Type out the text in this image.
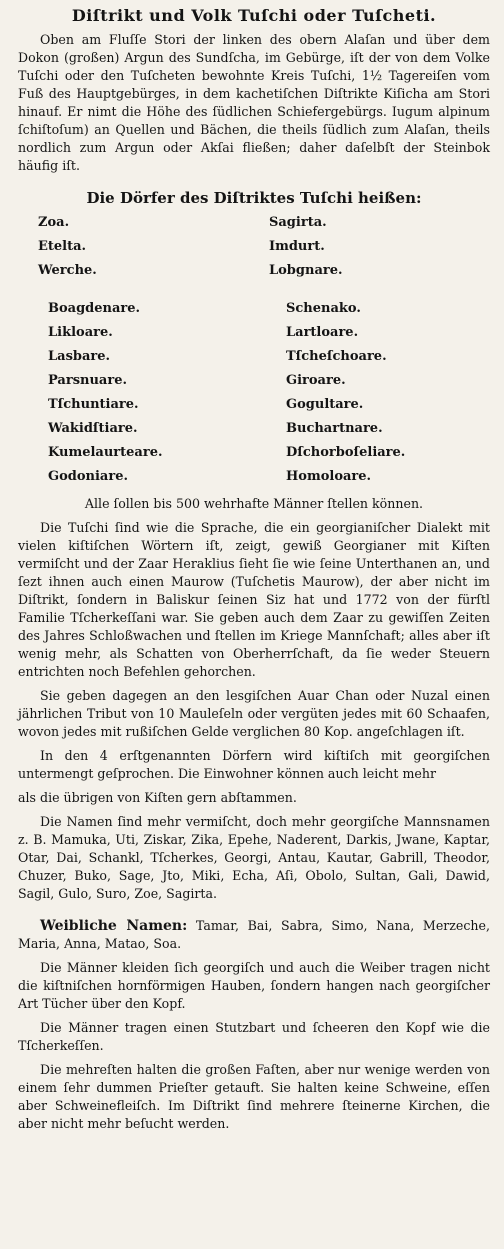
Diſtrikt und Volk Tuſchi oder Tuſcheti.

Oben am Fluſſe Stori der linken des obern Alaſan und über dem Dokon (großen) Argun des Sundſcha, im Gebürge, iſt der von dem Volke Tuſchi oder den Tuſcheten bewohnte Kreis Tuſchi, 1½ Tagereiſen vom Fuß des Hauptgebürges, in dem kachetiſchen Diſtrikte Kiſicha am Stori hinauf. Er nimt die Höhe des ſüdlichen Schiefergebürgs. Iugum alpinum ſchiſtoſum) an Quellen und Bächen, die theils ſüdlich zum Alaſan, theils nordlich zum Argun oder Akſai fließen; daher daſelbſt der Steinbok häufig iſt.

Die Dörfer des Diſtriktes Tuſchi heißen:
Zoa.	Sagirta.
Etelta.	Imdurt.
Werche.	Lobgnare.
Boagdenare.	Schenako.
Likloare.	Lartloare.
Lasbare.	Tſcheſchoare.
Parsnuare.	Giroare.
Tſchuntiare.	Gogultare.
Wakidſtiare.	Buchartnare.
Kumelaurteare.	Dſchorboſeliare.
Godoniare.	Homoloare.

Alle ſollen bis 500 wehrhafte Männer ſtellen können.

Die Tuſchi ſind wie die Sprache, die ein georgianiſcher Dialekt mit vielen kiſtiſchen Wörtern iſt, zeigt, gewiß Georgianer mit Kiſten vermiſcht und der Zaar Heraklius ſieht ſie wie ſeine Unterthanen an, und ſezt ihnen auch einen Maurow (Tuſchetis Maurow), der aber nicht im Diſtrikt, ſondern in Baliskur ſeinen Siz hat und 1772 von der fürſtl Familie Tſcherkeſſani war. Sie geben auch dem Zaar zu gewiſſen Zeiten des Jahres Schloßwachen und ſtellen im Kriege Mannſchaft; alles aber iſt wenig mehr, als Schatten von Oberherrſchaft, da ſie weder Steuern entrichten noch Befehlen gehorchen.

Sie geben dagegen an den lesgiſchen Auar Chan oder Nuzal einen jährlichen Tribut von 10 Mauleſeln oder vergüten jedes mit 60 Schaafen, wovon jedes mit rußiſchen Gelde verglichen 80 Kop. angeſchlagen iſt.

In den 4 erſtgenannten Dörfern wird kiſtiſch mit georgiſchen untermengt geſprochen. Die Einwohner können auch leicht mehr

als die übrigen von Kiſten gern abſtammen.

Die Namen ſind mehr vermiſcht, doch mehr georgiſche Mannsnamen z. B. Mamuka, Uti, Ziskar, Zika, Epehe, Naderent, Darkis, Jwane, Kaptar, Otar, Dai, Schankl, Tſcherkes, Georgi, Antau, Kautar, Gabrill, Theodor, Chuzer, Buko, Sage, Jto, Miki, Echa, Aſi, Obolo, Sultan, Gali, Dawid, Sagil, Gulo, Suro, Zoe, Sagirta.

Weibliche Namen: Tamar, Bai, Sabra, Simo, Nana, Merzeche, Maria, Anna, Matao, Soa.

Die Männer kleiden ſich georgiſch und auch die Weiber tragen nicht die kiſtniſchen hornförmigen Hauben, ſondern hangen nach georgiſcher Art Tücher über den Kopf.

Die Männer tragen einen Stutzbart und ſcheeren den Kopf wie die Tſcherkeſſen.

Die mehreſten halten die großen Faſten, aber nur wenige werden von einem ſehr dummen Prieſter getauft. Sie halten keine Schweine, eſſen aber Schweinefleiſch. Im Diſtrikt ſind mehrere ſteinerne Kirchen, die aber nicht mehr beſucht werden.
